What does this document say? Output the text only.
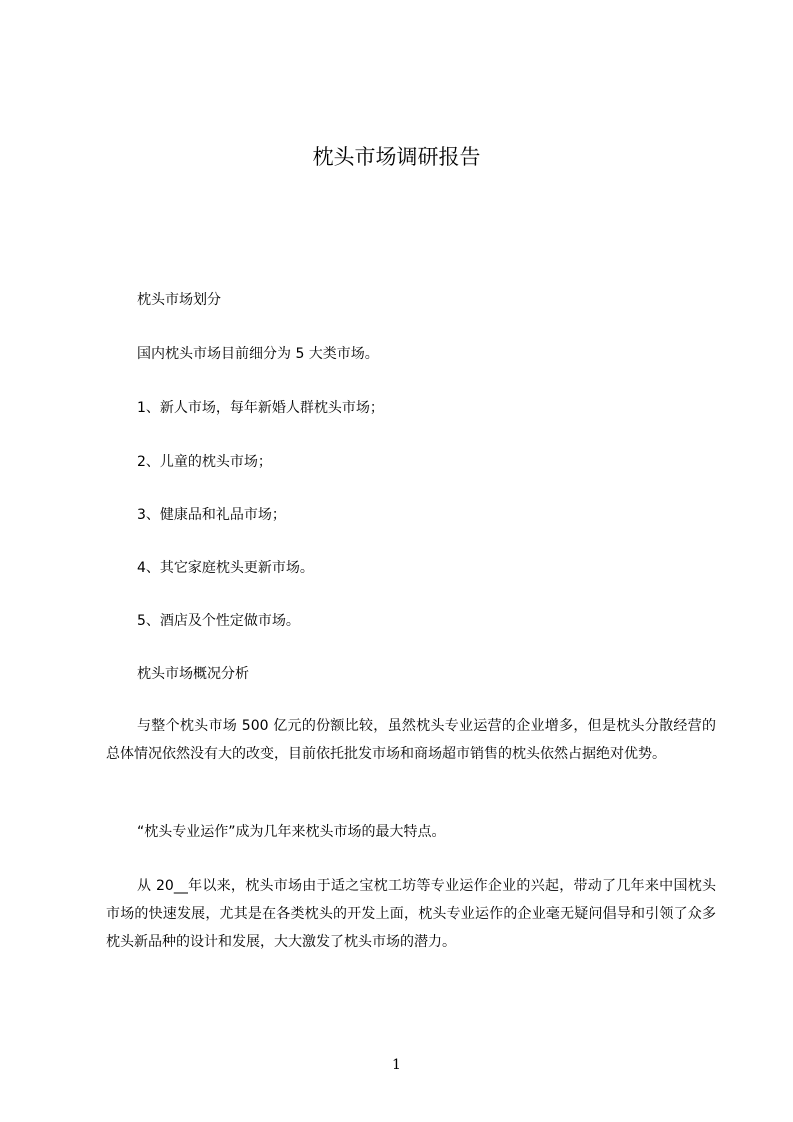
枕头市场调研报告

枕头市场划分

国内枕头市场目前细分为 5 大类市场。

1、新人市场，每年新婚人群枕头市场；

2、儿童的枕头市场；

3、健康品和礼品市场；

4、其它家庭枕头更新市场。

5、酒店及个性定做市场。

枕头市场概况分析

与整个枕头市场 500 亿元的份额比较，虽然枕头专业运营的企业增多，但是枕头分散经营的总体情况依然没有大的改变，目前依托批发市场和商场超市销售的枕头依然占据绝对优势。

“枕头专业运作”成为几年来枕头市场的最大特点。

从 20__年以来，枕头市场由于适之宝枕工坊等专业运作企业的兴起，带动了几年来中国枕头市场的快速发展，尤其是在各类枕头的开发上面，枕头专业运作的企业毫无疑问倡导和引领了众多枕头新品种的设计和发展，大大激发了枕头市场的潜力。

1
